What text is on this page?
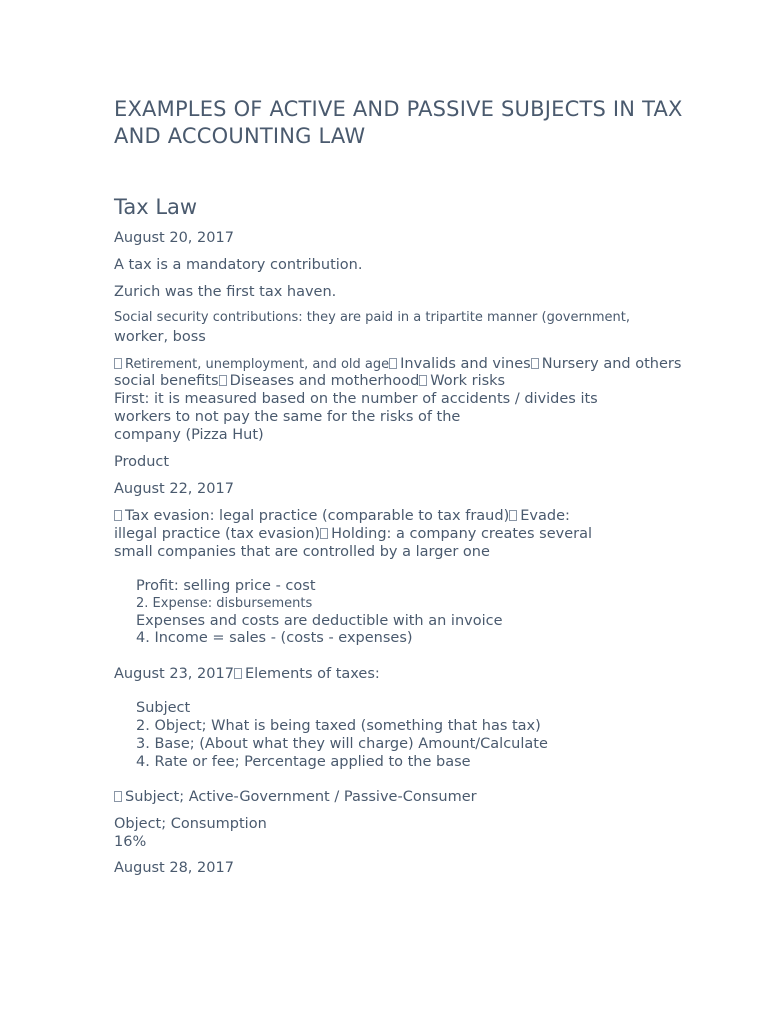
EXAMPLES OF ACTIVE AND PASSIVE SUBJECTS IN TAX AND ACCOUNTING LAW
Tax Law

August 20, 2017

A tax is a mandatory contribution.

Zurich was the first tax haven.

Social security contributions: they are paid in a tripartite manner (government,

worker, boss

Retirement, unemployment, and old age Invalids and vines Nursery and others

social benefits Diseases and motherhood Work risks

First: it is measured based on the number of accidents / divides its

workers to not pay the same for the risks of the

company (Pizza Hut)

Product

August 22, 2017

Tax evasion: legal practice (comparable to tax fraud) Evade:

illegal practice (tax evasion) Holding: a company creates several

small companies that are controlled by a larger one

Profit: selling price - cost

2. Expense: disbursements

Expenses and costs are deductible with an invoice

4. Income = sales - (costs - expenses)

August 23, 2017 Elements of taxes:

Subject

2. Object; What is being taxed (something that has tax)

3. Base; (About what they will charge) Amount/Calculate

4. Rate or fee; Percentage applied to the base

Subject; Active-Government / Passive-Consumer

Object; Consumption

16%

August 28, 2017
